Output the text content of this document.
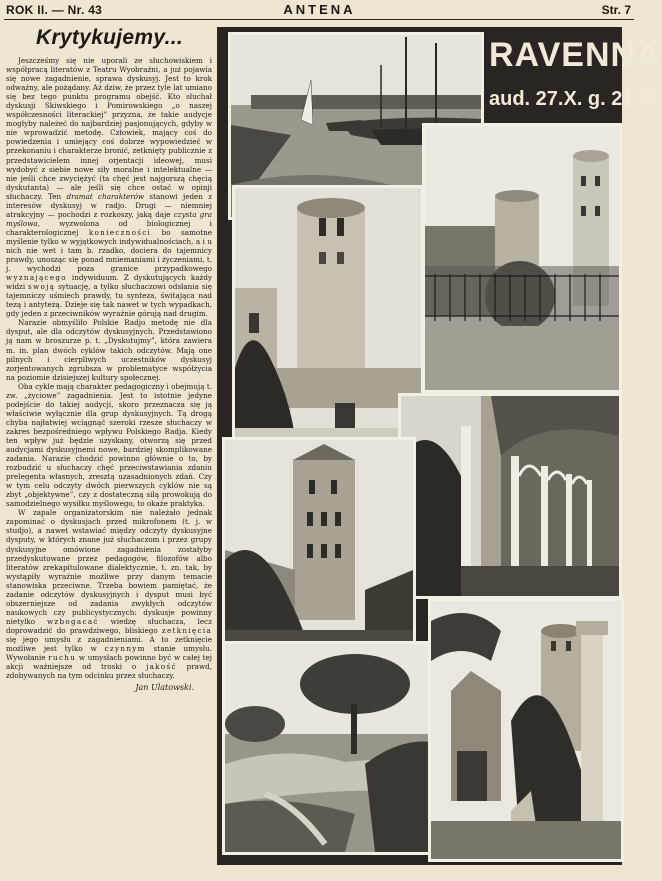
ROK II. — Nr. 43	ANTENA	Str. 7
Krytykujemy...

Jeszcześmy się nie uporali ze słuchowiskiem i współpracą literatów z Teatru Wyobraźni, a już pojawia się nowe zagadnienie, sprawa dyskusyj. Jest to krok odważny, ale pożądany. Aż dziw, że przez tyle lat umiano się bez tego punktu programu obejść. Kto słuchał dyskusji Skiwskiego i Pomirowskiego „o naszej współczesności literackiej” przyzna, że takie audycje mogłyby należeć do najbardziej pasjonujących, gdyby w nie wprowadzić metodę. Człowiek, mający coś do powiedzenia i umiejący coś dobrze wypowiedzieć w przekonaniu i charakterze bronić, zetknięty publicznie z przedstawicielem innej orjentacji ideowej, musi wydobyć z siebie nowe siły moralne i intelektualne — nie jeśli chce zwyciężyć (ta chęć jest najgorszą chęcią dyskutanta) — ale jeśli się chce ostać w opinji słuchaczy. Ten dramat charakterów stanowi jeden z interesów dyskusyj w radjo. Drugi — niemniej atrakcyjny — pochodzi z rozkoszy, jaką daje czysta gra myślowa, wyzwolona od biologicznej i charakterologicznej konieczności bo samotne myślenie tylko w wyjątkowych indywidualnościach, a i u nich nie wet i tam b. rzadko, dociera do tajemnicy prawdy, unosząc się ponad mniemaniami i życzeniami, t. j. wychodzi poza granice przypadkowego wyznającego indywiduum. Z dyskutujących każdy widzi swoją sytuację, a tylko słuchaczowi odsłania się tajemniczy uśmiech prawdy, tu synteza, świtająca nad tezą i antytezą. Dzieje się tak nawet w tych wypadkach, gdy jeden z przeciwników wyraźnie górują nad drugim.

Narazie obmyśliło Polskie Radjo metodę nie dla dysput, ale dla odczytów dyskusyjnych. Przedstawiono ją nam w broszurze p. t. „Dyskutujmy”, która zawiera m. in. plan dwóch cyklów takich odczytów. Mają one pilnych i cierpliwych uczestników dyskusyj zorjentowanych zgrubsza w problematyce współżycia na poziomie dzisiejszej kultury społecznej.

Oba cykle mają charakter pedagogiczny i obejmują t. zw. „życiowe” zagadnienia. Jest to istotnie jedyne podejście do takiej audycji, skoro przeznacza się ją właściwie wyłącznie dla grup dyskusyjnych. Tą drogą chyba najłatwiej wciągnąć szeroki rzesze słuchaczy w zakres bezpośredniego wpływu Polskiego Radja. Kiedy ten wpływ już będzie uzyskany, otworzą się przed audycjami dyskusyjnemi nowe, bardziej skomplikowane zadania. Narazie chodzić powinno głównie o to, by rozbudzić u słuchaczy chęć przeciwstawiania zdaniu prelegenta własnych, zresztą uzasadnionych zdań. Czy w tym celu odczyty dwóch pierwszych cyklów nie są zbyt „objektywne”, czy z dostateczną siłą prowokują do samodzielnego wysiłku myślowego, to okaże praktyka.

W zapale organizatorskim nie należało jednak zapominać o dyskusjach przed mikrofonem (t. j. w studjo), a nawet wstawiać między odczyty dyskusyjne dysputy, w których znane już słuchaczom i przez grupy dyskusyjne omówione zagadnienia zostałyby przedyskutowane przez pedagogów, filozofów albo literatów zrekapitulowane dialektycznie, t. zn. tak, by wystąpiły wyraźnie możliwe przy danym temacie stanowiska przeciwne. Trzeba bowiem pamiętać, że zadanie odczytów dyskusyjnych i dysput musi być obszerniejsze od zadania zwykłych odczytów naukowych czy publicystycznych: dyskusje powinny nietylko wzbogacać wiedzę słuchacza, lecz doprowadzić do prawdziwego, bliskiego zetknięcia się jego umysłu z zagadnieniami. A to zetknięcie możliwe jest tylko w czynnym stanie umysłu. Wywołanie ruchu w umysłach powinno być w całej tej akcji ważniejsze od troski o jakość prawd, zdobywanych na tym odcinku przez słuchaczy.

Jan Ulatowski.
RAVENNA
aud. 27.X. g. 21.30
